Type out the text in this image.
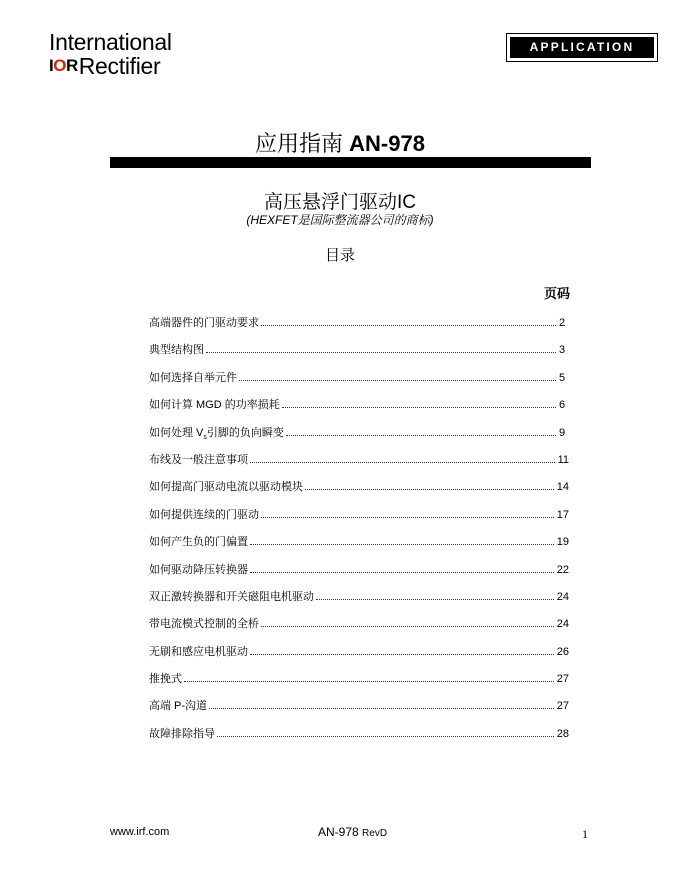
International
IOR Rectifier
APPLICATION NOTE
应用指南 AN-978
高压悬浮门驱动IC
(HEXFET是国际整流器公司的商标)
目录
页码
高端器件的门驱动要求	2
典型结构图	3
如何选择自举元件	5
如何计算 MGD 的功率损耗	6
如何处理 $V_s$引脚的负向瞬变	9
布线及一般注意事项	11
如何提高门驱动电流以驱动模块	14
如何提供连续的门驱动	17
如何产生负的门偏置	19
如何驱动降压转换器	22
双正激转换器和开关磁阻电机驱动	24
带电流模式控制的全桥	24
无刷和感应电机驱动	26
推挽式	27
高端 P-沟道	27
故障排除指导	28
www.irf.com	AN-978 RevD	1
